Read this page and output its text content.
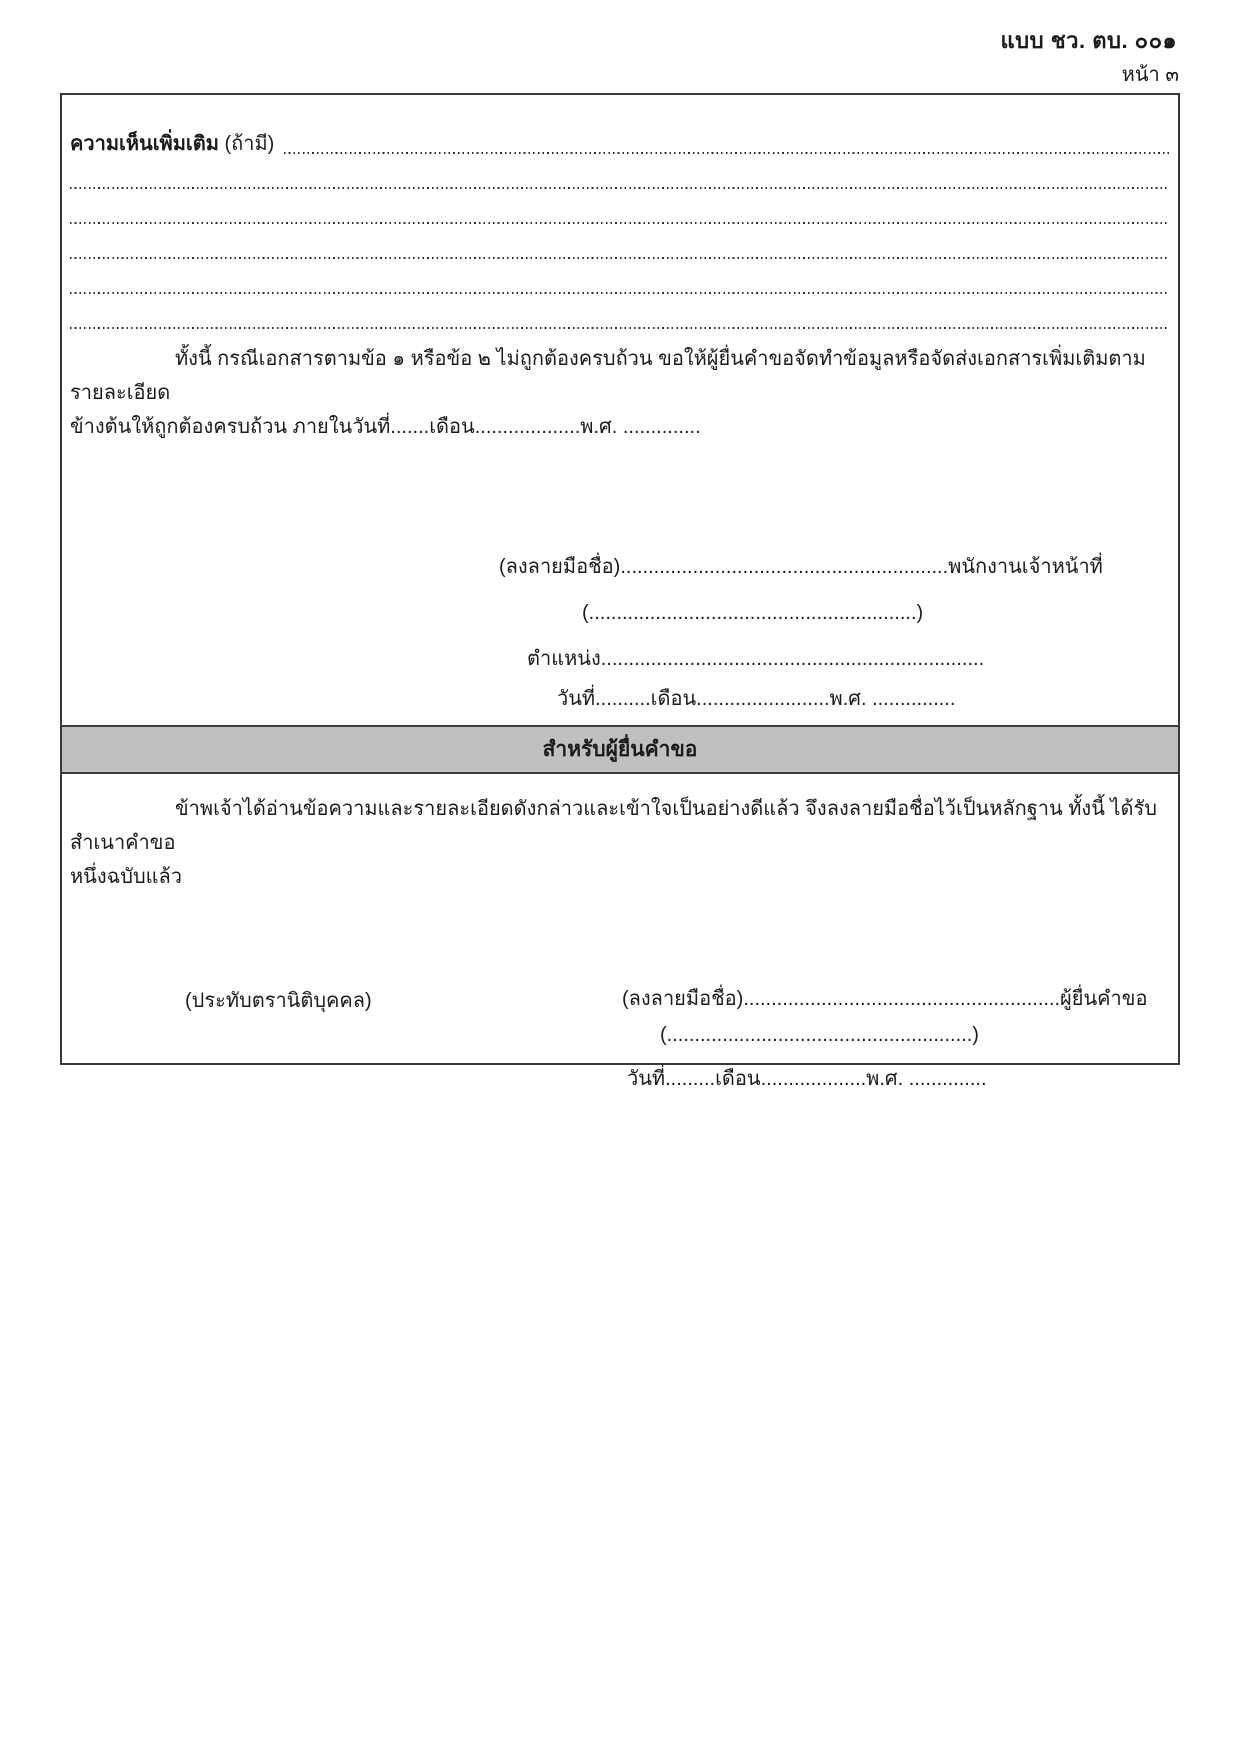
แบบ ชว. ตบ. ๐๐๑
หน้า ๓
ความเห็นเพิ่มเติม (ถ้ามี)

ทั้งนี้ กรณีเอกสารตามข้อ ๑ หรือข้อ ๒ ไม่ถูกต้องครบถ้วน ขอให้ผู้ยื่นคำขอจัดทำข้อมูลหรือจัดส่งเอกสารเพิ่มเติมตามรายละเอียด
ข้างต้นให้ถูกต้องครบถ้วน ภายในวันที่.......เดือน...................พ.ศ. ..............

(ลงลายมือชื่อ)...........................................................พนักงานเจ้าหน้าที่
(...........................................................)
ตำแหน่ง.....................................................................
วันที่..........เดือน........................พ.ศ. ...............
สำหรับผู้ยื่นคำขอ

ข้าพเจ้าได้อ่านข้อความและรายละเอียดดังกล่าวและเข้าใจเป็นอย่างดีแล้ว จึงลงลายมือชื่อไว้เป็นหลักฐาน ทั้งนี้ ได้รับสำเนาคำขอ
หนึ่งฉบับแล้ว

(ประทับตรานิติบุคคล)	(ลงลายมือชื่อ).........................................................ผู้ยื่นคำขอ
(.......................................................)
วันที่.........เดือน...................พ.ศ. ..............
